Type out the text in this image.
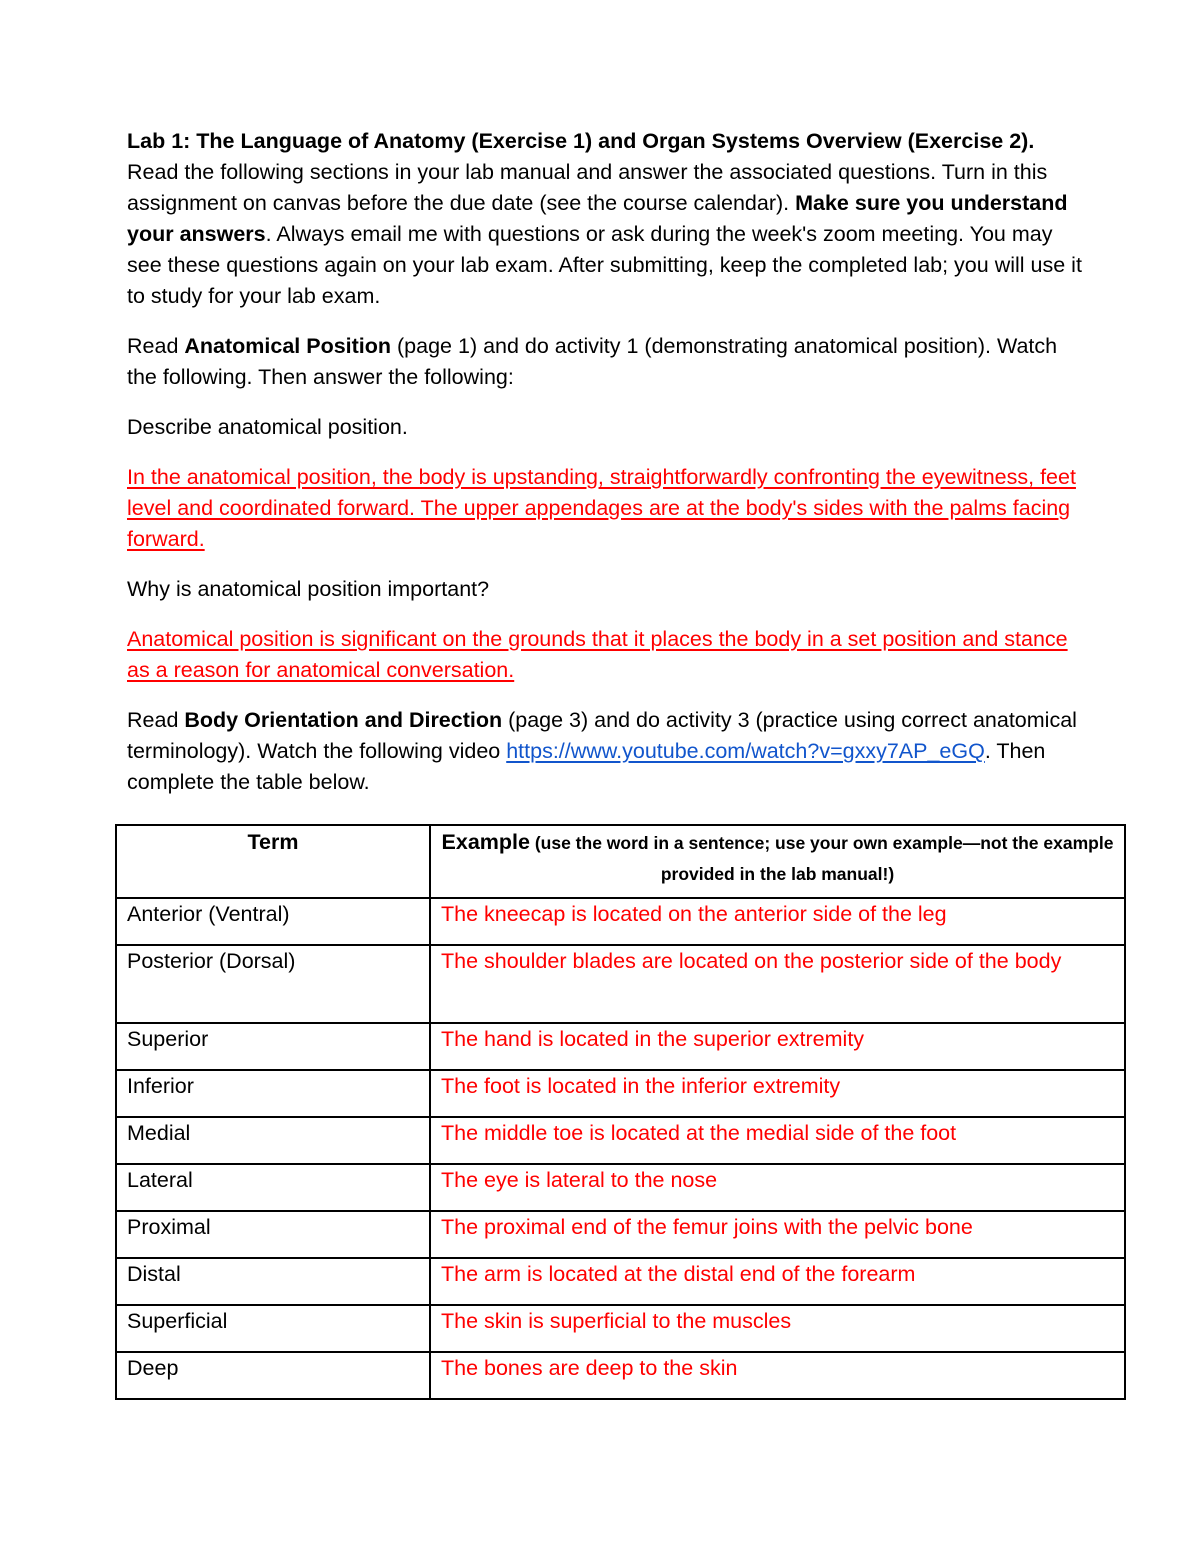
Lab 1: The Language of Anatomy (Exercise 1) and Organ Systems Overview (Exercise 2). Read the following sections in your lab manual and answer the associated questions. Turn in this assignment on canvas before the due date (see the course calendar). Make sure you understand your answers. Always email me with questions or ask during the week's zoom meeting. You may see these questions again on your lab exam. After submitting, keep the completed lab; you will use it to study for your lab exam.

Read Anatomical Position (page 1) and do activity 1 (demonstrating anatomical position). Watch the following. Then answer the following:

Describe anatomical position.

In the anatomical position, the body is upstanding, straightforwardly confronting the eyewitness, feet level and coordinated forward. The upper appendages are at the body's sides with the palms facing forward.

Why is anatomical position important?

Anatomical position is significant on the grounds that it places the body in a set position and stance as a reason for anatomical conversation.

Read Body Orientation and Direction (page 3) and do activity 3 (practice using correct anatomical terminology). Watch the following video https://www.youtube.com/watch?v=gxxy7AP_eGQ. Then complete the table below.

Term	Example (use the word in a sentence; use your own example—not the example provided in the lab manual!)
Anterior (Ventral)	The kneecap is located on the anterior side of the leg
Posterior (Dorsal)	The shoulder blades are located on the posterior side of the body
Superior	The hand is located in the superior extremity
Inferior	The foot is located in the inferior extremity
Medial	The middle toe is located at the medial side of the foot
Lateral	The eye is lateral to the nose
Proximal	The proximal end of the femur joins with the pelvic bone
Distal	The arm is located at the distal end of the forearm
Superficial	The skin is superficial to the muscles
Deep	The bones are deep to the skin
